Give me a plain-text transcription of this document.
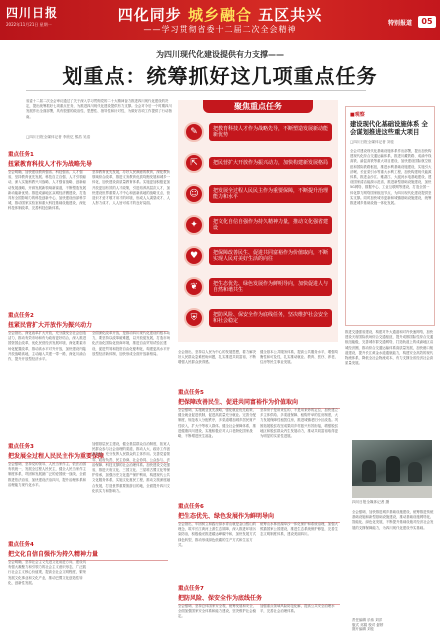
四川日报
2022年11月21日 星期一
四化同步 城乡融合 五区共兴
——学习贯彻省委十二届二次全会精神
特别报道	05
为四川现代化建设提供有力支撑——
划重点：统筹抓好这几项重点任务
省委十二届二次全会审议通过了关于深入学习贯彻党的二十大精神奋力推进四川现代化建设的决定，提出统筹抓好七项重点任务，为推进四川现代化建设提供有力支撑。全会对今后一个时期四川发展作出全面部署，具有很强的政治性、思想性、指导性和针对性，为做好各项工作提供了行动指南。
□四川日报全媒体记者 李欣忆 熊浩 吴浩
重点任务1
扭紧教育科技人才作为战略先导
全会明确，加快建设教育强省、科技强省、人才强省，坚持教育优先发展、科技自立自强、人才引领驱动，深入实施科教兴川战略、人才强省战略、创新驱动发展战略，开辟发展新领域新赛道，不断塑造发展新动能新优势。推进成渝地区双城经济圈建设，打造具有全国影响力的科技创新中心，加快建设西部科学城，推动国家实验室和重大科技基础设施建设，深化科技体制改革，完善科技创新体系。
坚持教育优先发展，办好人民满意的教育，深化教育领域综合改革，推进义务教育优质均衡发展和城乡一体化，加快建设高质量教育体系。实施更加积极更加开放更加有效的人才政策，引进培养高层次人才，加快建设世界重要人才中心和创新高地的战略支点，营造识才爱才敬才用才的环境，形成人人渴望成才、人人努力成才、人人皆可成才的良好局面。
重点任务2
扭紧民营扩大开放作为振兴动力
全会指出，深化改革扩大开放，充分激发全社会创造活力，推动有效市场和有为政府更好结合，深入推进国资国企改革，优化民营经济发展环境，深化要素市场化配置改革，推动高水平对外开放，加快建设内陆开放战略高地，主动融入共建一带一路，深化川渝合作，提升开放型经济水平。
全面深化改革开放，是推动四川现代化建设的根本动力，要坚持以改革破难题，以开放促发展，打造市场化法治化国际化营商环境，推进自由贸易试验区建设，促进贸易和投资自由化便利化，构建更高水平开放型经济新体制，加快形成全面开放新格局。
重点任务3
把发展全过程人民民主作为重要保障
全会强调，坚持党的领导、人民当家作主、依法治国有机统一，发展全过程人民民主，健全人民当家作主制度体系，巩固和发展最广泛的爱国统一战线，全面推进依法治省，加快建设法治四川，提升治理体系和治理能力现代化水平。
重点任务4
把文化自信自强作为持久精神力量
全会明确，坚持社会主义先进文化前进方向，建设具有强大凝聚力和引领力的社会主义意识形态，广泛践行社会主义核心价值观，提高全社会文明程度，繁荣发展文化事业和文化产业，推动巴蜀文化创造性转化、创新性发展。
加强基层民主建设，健全基层群众自治制度，拓宽人民群众参与社会治理的渠道，推动人大、政协工作创新发展，充分发挥人民群众的主体作用。完善党委领导、政府负责、民主协商、社会协同、公众参与、法治保障、科技支撑的社会治理体系。加快建设文化强省，推进天府文化、三国文化、三星堆古蜀文化等保护传承，加强历史文化遗产保护利用，构建现代公共文化服务体系，实施文化惠民工程，推动文旅深度融合发展，打造世界重要旅游目的地，全面提升四川文化软实力和影响力。
聚焦重点任务
✎	把教育科技人才作为战略先导，不断塑造发展新动能新优势
⇱	把民营扩大开放作为振兴动力，加快构建新发展格局
☺	把发展全过程人民民主作为重要保障，不断提升治理能力和水平
✦	把文化自信自强作为持久精神力量，推动文化强省建设
♥	把保障改善民生、促进共同富裕作为价值取向，不断实现人民对美好生活的向往
❦	把生态优先、绿色发展作为鲜明导向，加快促进人与自然和谐共生
⛨	把防风险、保安全作为底线任务，坚决维护社会安全和社会稳定
全会指出，坚持以人民为中心的发展思想，着力解决好人民群众急难愁盼问题，扎实推进共同富裕，不断增强人民群众获得感。
健全基本公共服务体系，提高公共服务水平，增强均衡性和可及性，扎实推动就业、教育、医疗、养老、住房等民生事业发展。
重点任务5
把保障改善民生、促进共同富裕作为价值取向
全会强调，实施就业优先战略，强化就业优先政策，健全就业促进机制，促进高质量充分就业。完善分配制度，规范收入分配秩序，多渠道增加城乡居民财产性收入，扩大中等收入群体。健全社会保障体系，推进健康四川建设，实施积极应对人口老龄化国家战略，不断增进民生福祉。
坚持房子是用来住的、不是用来炒的定位，加快建立多主体供给、多渠道保障、租购并举的住房制度，大力发展保障性租赁住房，推进城镇老旧小区改造。巩固拓展脱贫攻坚成果同乡村振兴有效衔接，增强脱贫地区和脱贫群众内生发展动力，推动共同富裕取得更为明显的实质性进展。
重点任务6
把生态优先、绿色发展作为鲜明导向
全会指出，牢固树立和践行绿水青山就是金山银山的理念，筑牢长江黄河上游生态屏障，深入推进环境污染防治，积极稳妥推进碳达峰碳中和，加快发展方式绿色转型，推动形成绿色低碳的生产方式和生活方式。
统筹山水林田湖草沙一体化保护和系统治理，加强大熊猫国家公园建设，推进生态系统保护修复，完善生态文明制度体系，建设美丽四川。
重点任务7
把防风险、保安全作为底线任务
全会强调，坚持总体国家安全观，统筹发展和安全，全面加强国家安全体系和能力建设，坚决维护社会稳定。
加强重点领域风险防范化解，提高公共安全治理水平，完善社会治理体系。
■观察
建设现代化基础设施体系 全会谋划推进这些重大项目
□四川日报全媒体记者 刘佳
全会对建设现代化基础设施体系作出部署，提出加快构建现代化综合交通运输体系，推进川藏铁路、成渝中线高铁、渝昆高铁等重大项目建设，加快建设国际航空枢纽和国际铁路枢纽，推进水利基础设施建设，实施引大济岷、长征渠引水等重大水利工程，加快构建现代能源体系，推进金沙江、雅砻江、大渡河水电基地建设，建设国家清洁能源示范省，推进新型基础设施建设，加快5G网络、数据中心、工业互联网等建设，打造全国一体化算力网络国家枢纽节点，为四川现代化建设提供坚实支撑。同时加快城市更新和城镇基础设施建设，统筹推进城乡基础设施一体化发展。
推进交通强省建设，构建对外大通道和对内快速网络，加快建设天府国际机场综合交通枢纽，提升成都国际性综合交通枢纽能级，完善城市群交通网络，打造轨道上的成渝地区双城经济圈，推动综合交通运输体系高质量发展，加快港口航道建设，提升长江黄金水道通航能力，构建安全高效的现代物流体系，降低全社会物流成本，有力支撑全省经济社会高质量发展。
四川日报全媒体记者 摄
全会强调，加快推进城乡基础设施建设，统筹推进传统基础设施和新型基础设施建设，推动基础设施网络化、智能化、绿色化发展，不断提升基础设施对经济社会发展的支撑保障能力，为四川现代化建设夯实基础。
责任编辑 乐伟 刘洋
版式 邓娟 校对 晏婷
图片编辑 刘佳
